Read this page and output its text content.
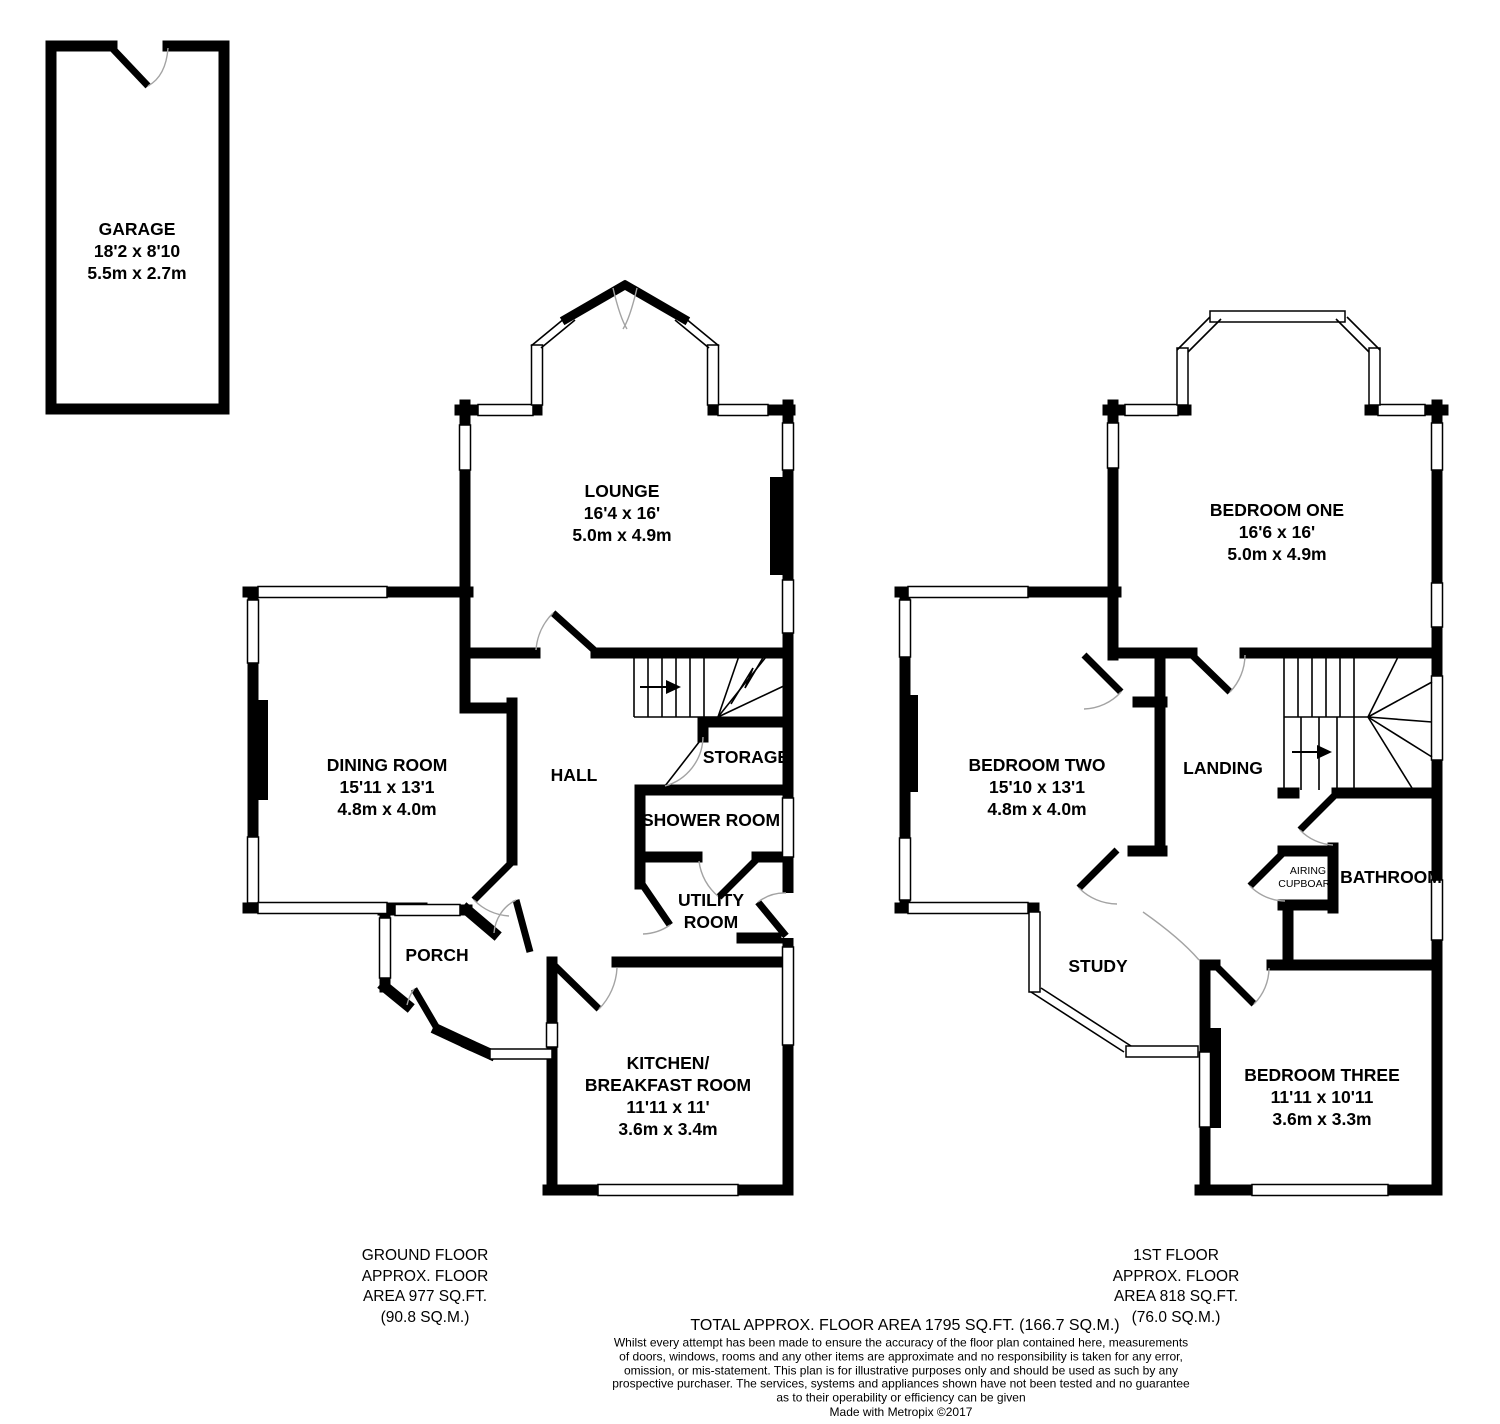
GARAGE
18'2 x 8'10
5.5m x 2.7m
LOUNGE
16'4 x 16'
5.0m x 4.9m
DINING ROOM
15'11 x 13'1
4.8m x 4.0m
HALL
STORAGE
SHOWER ROOM
UTILITY
ROOM
PORCH
KITCHEN/
BREAKFAST ROOM
11'11 x 11'
3.6m x 3.4m
BEDROOM ONE
16'6 x 16'
5.0m x 4.9m
BEDROOM TWO
15'10 x 13'1
4.8m x 4.0m
LANDING
AIRING
CUPBOARD BATHROOM
STUDY
BEDROOM THREE
11'11 x 10'11
3.6m x 3.3m
GROUND FLOOR
APPROX. FLOOR
AREA 977 SQ.FT.
(90.8 SQ.M.)
1ST FLOOR
APPROX. FLOOR
AREA 818 SQ.FT.
(76.0 SQ.M.)
TOTAL APPROX. FLOOR AREA 1795 SQ.FT. (166.7 SQ.M.)
Whilst every attempt has been made to ensure the accuracy of the floor plan contained here, measurements
of doors, windows, rooms and any other items are approximate and no responsibility is taken for any error,
omission, or mis-statement. This plan is for illustrative purposes only and should be used as such by any
prospective purchaser. The services, systems and appliances shown have not been tested and no guarantee
as to their operability or efficiency can be given
Made with Metropix ©2017
